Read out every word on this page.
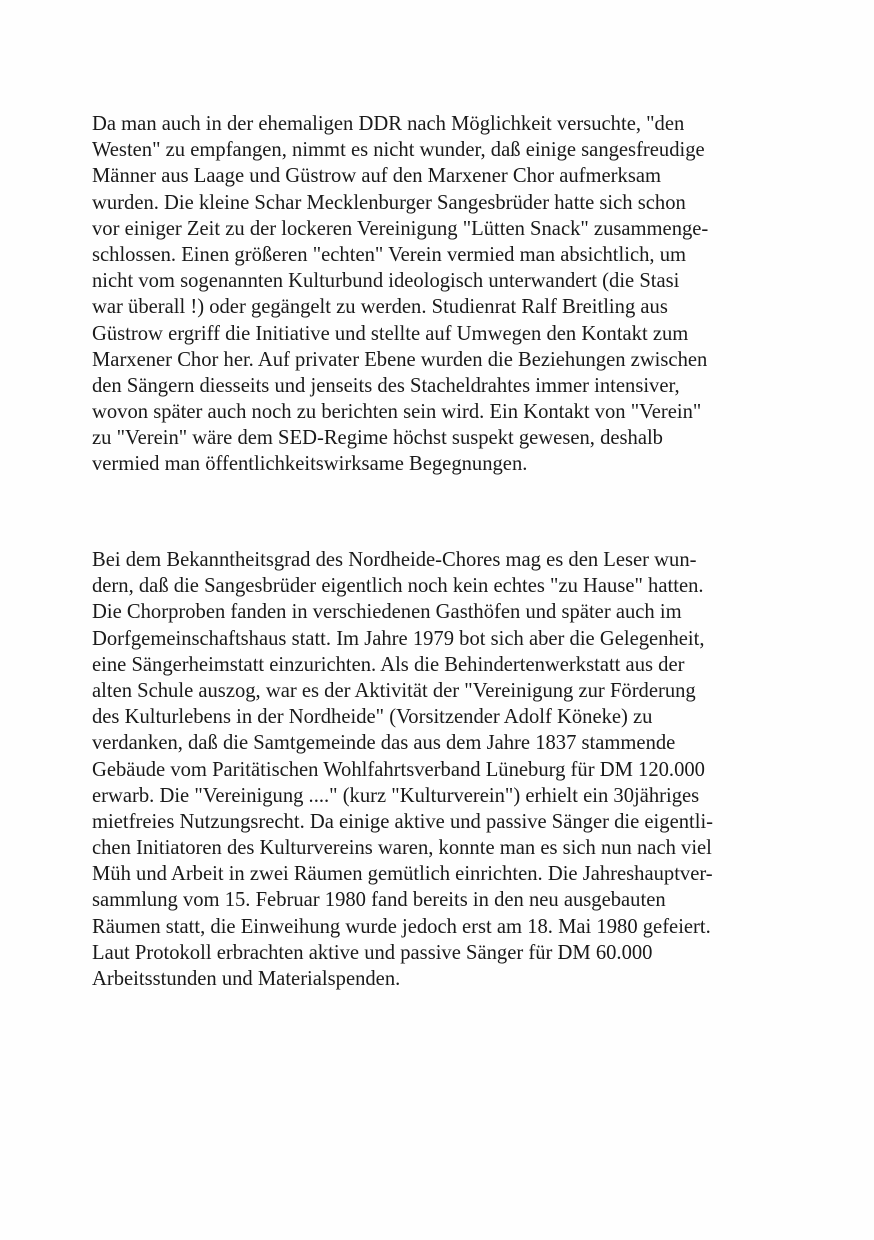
Da man auch in der ehemaligen DDR nach Möglichkeit versuchte, "den
Westen" zu empfangen, nimmt es nicht wunder, daß einige sangesfreudige
Männer aus Laage und Güstrow auf den Marxener Chor aufmerksam
wurden. Die kleine Schar Mecklenburger Sangesbrüder hatte sich schon
vor einiger Zeit zu der lockeren Vereinigung "Lütten Snack" zusammenge-
schlossen. Einen größeren "echten" Verein vermied man absichtlich, um
nicht vom sogenannten Kulturbund ideologisch unterwandert (die Stasi
war überall !) oder gegängelt zu werden. Studienrat Ralf Breitling aus
Güstrow ergriff die Initiative und stellte auf Umwegen den Kontakt zum
Marxener Chor her. Auf privater Ebene wurden die Beziehungen zwischen
den Sängern diesseits und jenseits des Stacheldrahtes immer intensiver,
wovon später auch noch zu berichten sein wird. Ein Kontakt von "Verein"
zu "Verein" wäre dem SED-Regime höchst suspekt gewesen, deshalb
vermied man öffentlichkeitswirksame Begegnungen.
Bei dem Bekanntheitsgrad des Nordheide-Chores mag es den Leser wun-
dern, daß die Sangesbrüder eigentlich noch kein echtes "zu Hause" hatten.
Die Chorproben fanden in verschiedenen Gasthöfen und später auch im
Dorfgemeinschaftshaus statt. Im Jahre 1979 bot sich aber die Gelegenheit,
eine Sängerheimstatt einzurichten. Als die Behindertenwerkstatt aus der
alten Schule auszog, war es der Aktivität der "Vereinigung zur Förderung
des Kulturlebens in der Nordheide" (Vorsitzender Adolf Köneke) zu
verdanken, daß die Samtgemeinde das aus dem Jahre 1837 stammende
Gebäude vom Paritätischen Wohlfahrtsverband Lüneburg für DM 120.000
erwarb. Die "Vereinigung ...." (kurz "Kulturverein") erhielt ein 30jähriges
mietfreies Nutzungsrecht. Da einige aktive und passive Sänger die eigentli-
chen Initiatoren des Kulturvereins waren, konnte man es sich nun nach viel
Müh und Arbeit in zwei Räumen gemütlich einrichten. Die Jahreshauptver-
sammlung vom 15. Februar 1980 fand bereits in den neu ausgebauten
Räumen statt, die Einweihung wurde jedoch erst am 18. Mai 1980 gefeiert.
Laut Protokoll erbrachten aktive und passive Sänger für DM 60.000
Arbeitsstunden und Materialspenden.
